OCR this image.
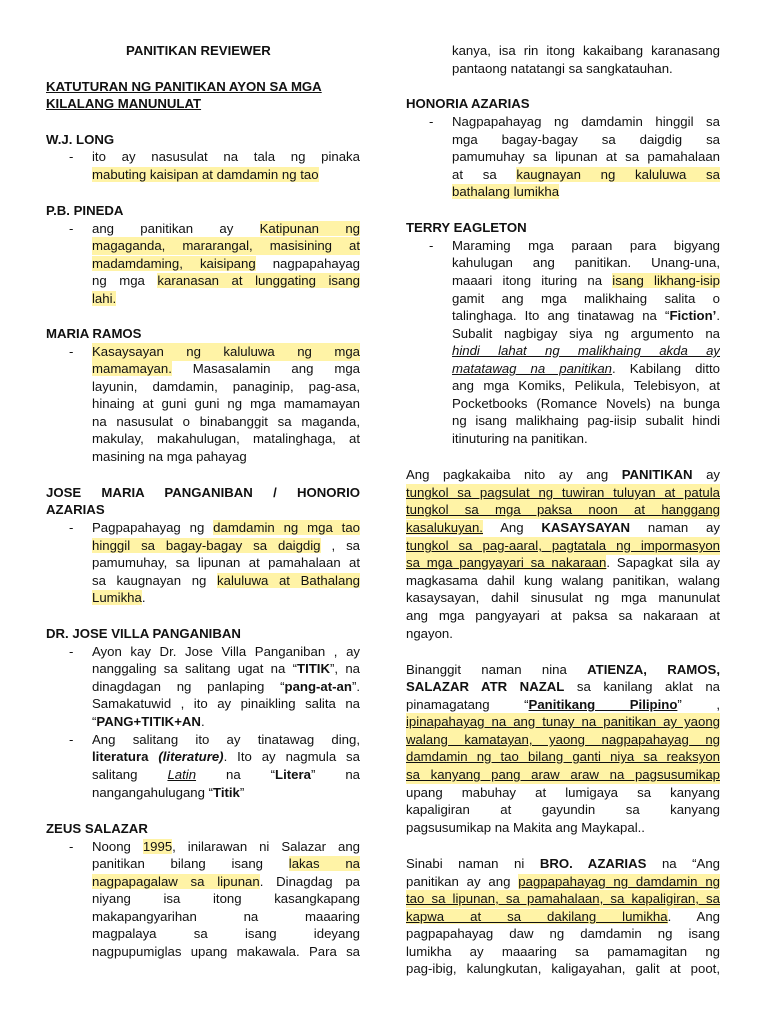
PANITIKAN REVIEWER
KATUTURAN NG PANITIKAN AYON SA MGA
KILALANG MANUNULAT
W.J. LONG
- ito ay nasusulat na tala ng pinaka
mabuting kaisipan at damdamin ng tao
P.B. PINEDA
- ang panitikan ay Katipunan ng
magaganda, mararangal, masisining at
madamdaming, kaisipang nagpapahayag
ng mga karanasan at lunggating isang
lahi.
MARIA RAMOS
- Kasaysayan ng kaluluwa ng mga
mamamayan. Masasalamin ang mga
layunin, damdamin, panaginip, pag-asa,
hinaing at guni guni ng mga mamamayan
na nasusulat o binabanggit sa maganda,
makulay, makahulugan, matalinghaga, at
masining na mga pahayag
JOSE MARIA PANGANIBAN / HONORIO
AZARIAS
- Pagpapahayag ng damdamin ng mga tao
hinggil sa bagay-bagay sa daigdig , sa
pamumuhay, sa lipunan at pamahalaan at
sa kaugnayan ng kaluluwa at Bathalang
Lumikha.
DR. JOSE VILLA PANGANIBAN
- Ayon kay Dr. Jose Villa Panganiban , ay
nanggaling sa salitang ugat na “TITIK”, na
dinagdagan ng panlaping “pang-at-an”.
Samakatuwid , ito ay pinaikling salita na
“PANG+TITIK+AN.
- Ang salitang ito ay tinatawag ding,
literatura (literature). Ito ay nagmula sa
salitang Latin na “Litera” na
nangangahulugang “Titik”
ZEUS SALAZAR
- Noong 1995, inilarawan ni Salazar ang
panitikan bilang isang lakas na
nagpapagalaw sa lipunan. Dinagdag pa
niyang isa itong kasangkapang
makapangyarihan na maaaring
magpalaya sa isang ideyang
nagpupumiglas upang makawala. Para sa
kanya, isa rin itong kakaibang karanasang
pantaong natatangi sa sangkatauhan.
HONORIA AZARIAS
- Nagpapahayag ng damdamin hinggil sa
mga bagay-bagay sa daigdig sa
pamumuhay sa lipunan at sa pamahalaan
at sa kaugnayan ng kaluluwa sa
bathalang lumikha
TERRY EAGLETON
- Maraming mga paraan para bigyang
kahulugan ang panitikan. Unang-una,
maaari itong ituring na isang likhang-isip
gamit ang mga malikhaing salita o
talinghaga. Ito ang tinatawag na “Fiction’.
Subalit nagbigay siya ng argumento na
hindi lahat ng malikhaing akda ay
matatawag na panitikan. Kabilang ditto
ang mga Komiks, Pelikula, Telebisyon, at
Pocketbooks (Romance Novels) na bunga
ng isang malikhaing pag-iisip subalit hindi
itinuturing na panitikan.
Ang pagkakaiba nito ay ang PANITIKAN ay
tungkol sa pagsulat ng tuwiran tuluyan at patula
tungkol sa mga paksa noon at hanggang
kasalukuyan. Ang KASAYSAYAN naman ay
tungkol sa pag-aaral, pagtatala ng impormasyon
sa mga pangyayari sa nakaraan. Sapagkat sila ay
magkasama dahil kung walang panitikan, walang
kasaysayan, dahil sinusulat ng mga manunulat
ang mga pangyayari at paksa sa nakaraan at
ngayon.
Binanggit naman nina ATIENZA, RAMOS,
SALAZAR ATR NAZAL sa kanilang aklat na
pinamagatang “Panitikang Pilipino” ,
ipinapahayag na ang tunay na panitikan ay yaong
walang kamatayan, yaong nagpapahayag ng
damdamin ng tao bilang ganti niya sa reaksyon
sa kanyang pang araw araw na pagsusumikap
upang mabuhay at lumigaya sa kanyang
kapaligiran at gayundin sa kanyang
pagsusumikap na Makita ang Maykapal..
Sinabi naman ni BRO. AZARIAS na “Ang
panitikan ay ang pagpapahayag ng damdamin ng
tao sa lipunan, sa pamahalaan, sa kapaligiran, sa
kapwa at sa dakilang lumikha. Ang
pagpapahayag daw ng damdamin ng isang
lumikha ay maaaring sa pamamagitan ng
pag-ibig, kalungkutan, kaligayahan, galit at poot,
